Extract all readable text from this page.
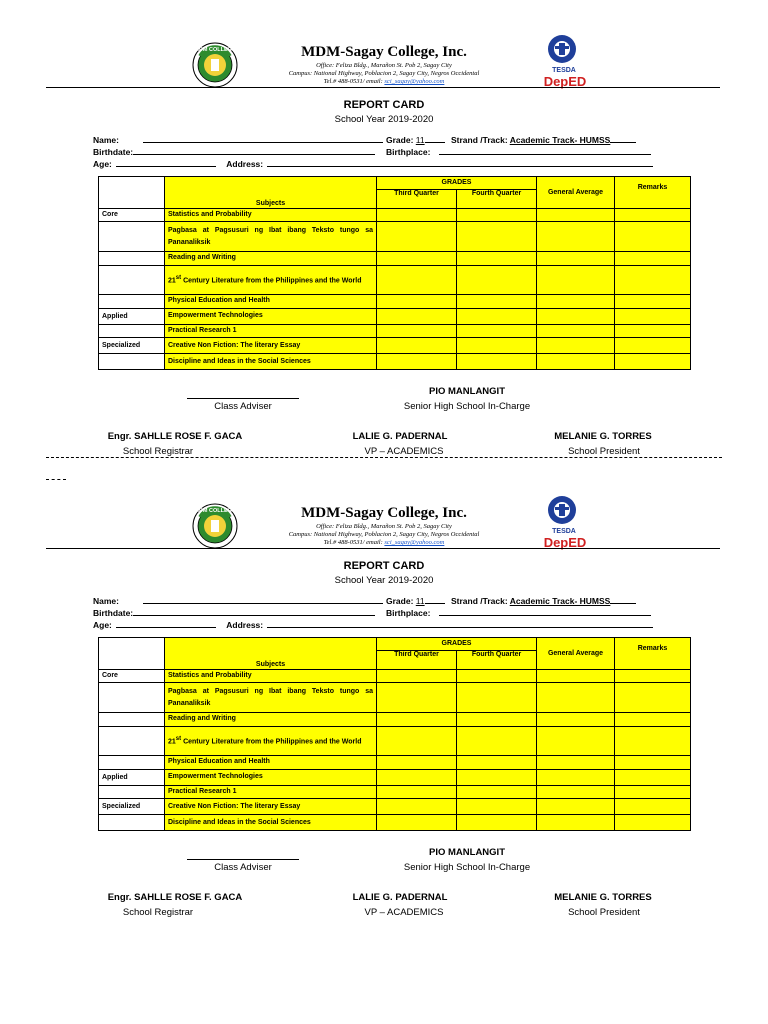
MDM COLLEGE	MDM-Sagay College, Inc.
Office: Feliza Bldg., Marañon St. Pob 2, Sagay City
Campus: National Highway, Poblacion 2, Sagay City, Negros Occidental
Tel.# 488-0531/ email: sci_sagay@yahoo.com
TESDA
DepED
REPORT CARD
School Year 2019-2020
Name:	Grade: 11	Strand /Track: Academic Track- HUMSS
Birthdate:	Birthplace:
Age:	Address:
	Subjects	GRADES		General Average	Remarks
		Third Quarter	Fourth Quarter		
Core	Statistics and Probability				
	Pagbasa at Pagsusuri ng Ibat ibang Teksto tungo sa Pananaliksik				
	Reading and Writing				
	21st Century Literature from the Philippines and the World				
	Physical Education and Health				
Applied	Empowerment Technologies				
	Practical Research 1				
Specialized	Creative Non Fiction: The literary Essay				
	Discipline and Ideas in the Social Sciences				
Class Adviser
PIO MANLANGIT
Senior High School In-Charge
Engr. SAHLLE ROSE F. GACA
School Registrar
LALIE G. PADERNAL
VP – ACADEMICS
MELANIE G. TORRES
School President
MDM COLLEGE	MDM-Sagay College, Inc.
Office: Feliza Bldg., Marañon St. Pob 2, Sagay City
Campus: National Highway, Poblacion 2, Sagay City, Negros Occidental
Tel.# 488-0531/ email: sci_sagay@yahoo.com
TESDA
DepED
REPORT CARD
School Year 2019-2020
Name:	Grade: 11	Strand /Track: Academic Track- HUMSS
Birthdate:	Birthplace:
Age:	Address:
	Subjects	GRADES		General Average	Remarks
		Third Quarter	Fourth Quarter		
Core	Statistics and Probability				
	Pagbasa at Pagsusuri ng Ibat ibang Teksto tungo sa Pananaliksik				
	Reading and Writing				
	21st Century Literature from the Philippines and the World				
	Physical Education and Health				
Applied	Empowerment Technologies				
	Practical Research 1				
Specialized	Creative Non Fiction: The literary Essay				
	Discipline and Ideas in the Social Sciences				
Class Adviser
PIO MANLANGIT
Senior High School In-Charge
Engr. SAHLLE ROSE F. GACA
School Registrar
LALIE G. PADERNAL
VP – ACADEMICS
MELANIE G. TORRES
School President
